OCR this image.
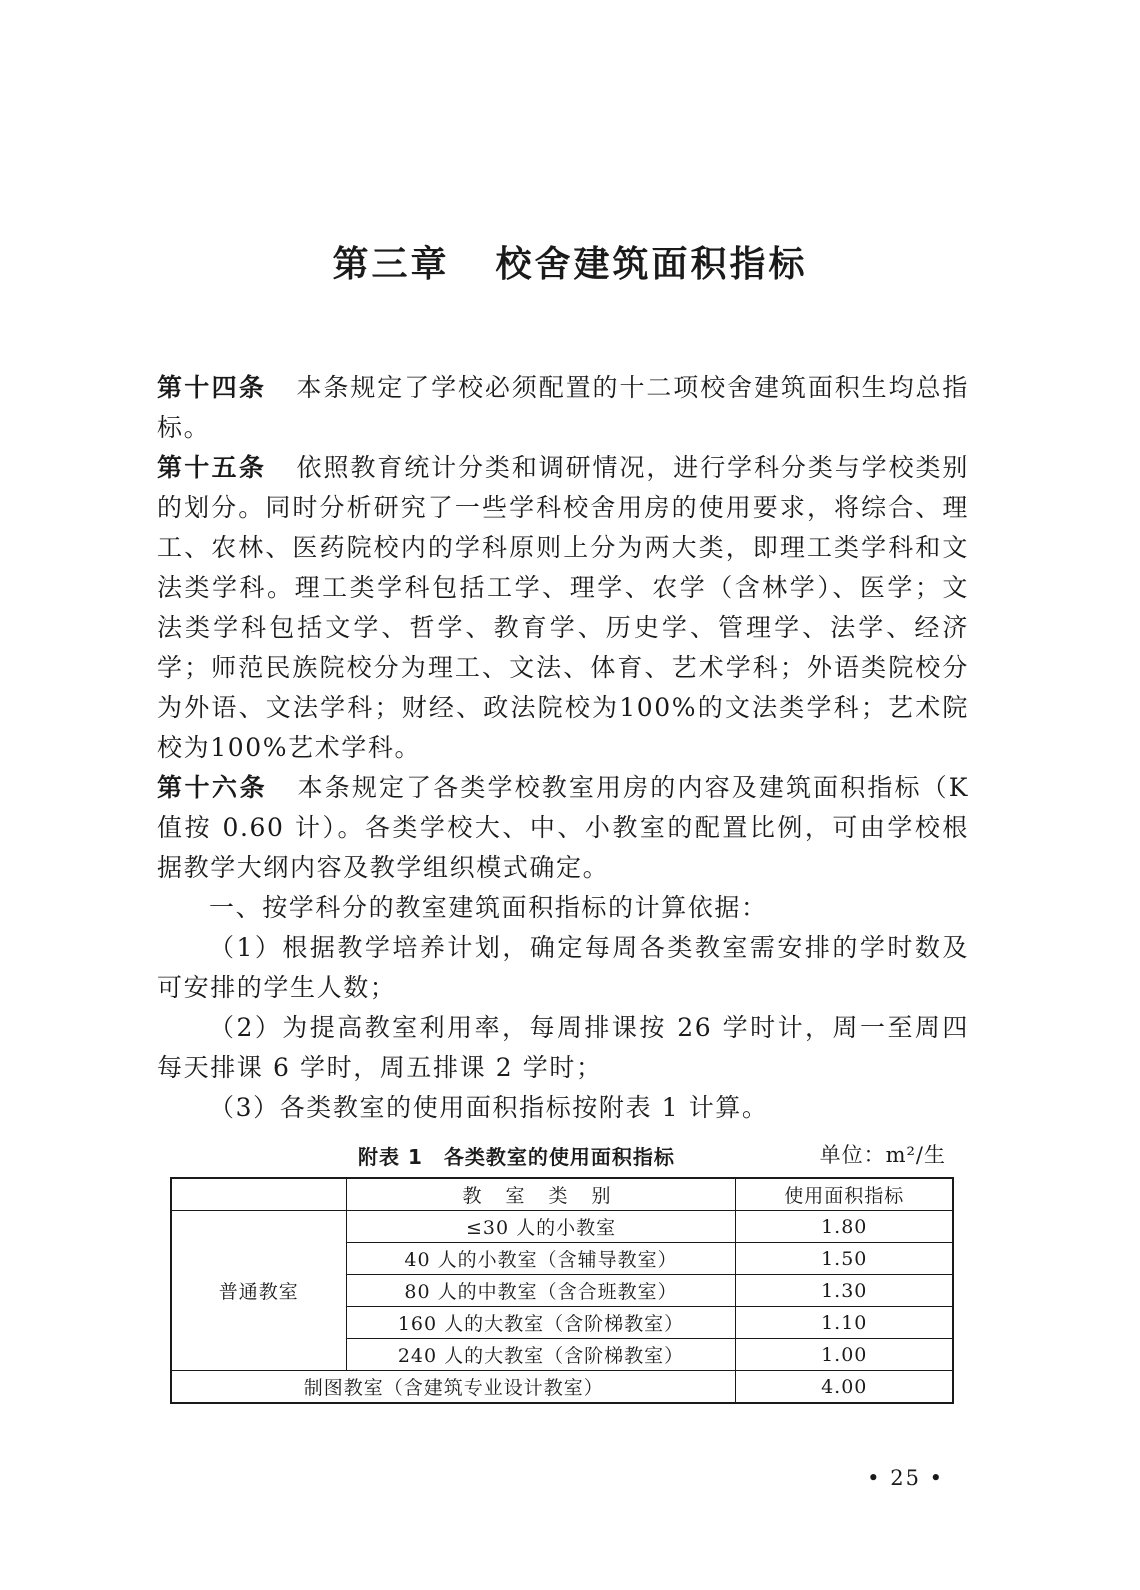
第三章 校舍建筑面积指标

第十四条 本条规定了学校必须配置的十二项校舍建筑面积生均总指标。

第十五条 依照教育统计分类和调研情况，进行学科分类与学校类别的划分。同时分析研究了一些学科校舍用房的使用要求，将综合、理工、农林、医药院校内的学科原则上分为两大类，即理工类学科和文法类学科。理工类学科包括工学、理学、农学（含林学）、医学；文法类学科包括文学、哲学、教育学、历史学、管理学、法学、经济学；师范民族院校分为理工、文法、体育、艺术学科；外语类院校分为外语、文法学科；财经、政法院校为100%的文法类学科；艺术院校为100%艺术学科。

第十六条 本条规定了各类学校教室用房的内容及建筑面积指标（K 值按 0.60 计）。各类学校大、中、小教室的配置比例，可由学校根据教学大纲内容及教学组织模式确定。

一、按学科分的教室建筑面积指标的计算依据：

（1）根据教学培养计划，确定每周各类教室需安排的学时数及可安排的学生人数；

（2）为提高教室利用率，每周排课按 26 学时计，周一至周四每天排课 6 学时，周五排课 2 学时；

（3）各类教室的使用面积指标按附表 1 计算。

附表 1　各类教室的使用面积指标	单位：m²/生
	教 室 类 别	使用面积指标
普通教室	≤30 人的小教室	1.80
	40 人的小教室（含辅导教室）	1.50
	80 人的中教室（含合班教室）	1.30
	160 人的大教室（含阶梯教室）	1.10
	240 人的大教室（含阶梯教室）	1.00
制图教室（含建筑专业设计教室）		4.00
• 25 •
